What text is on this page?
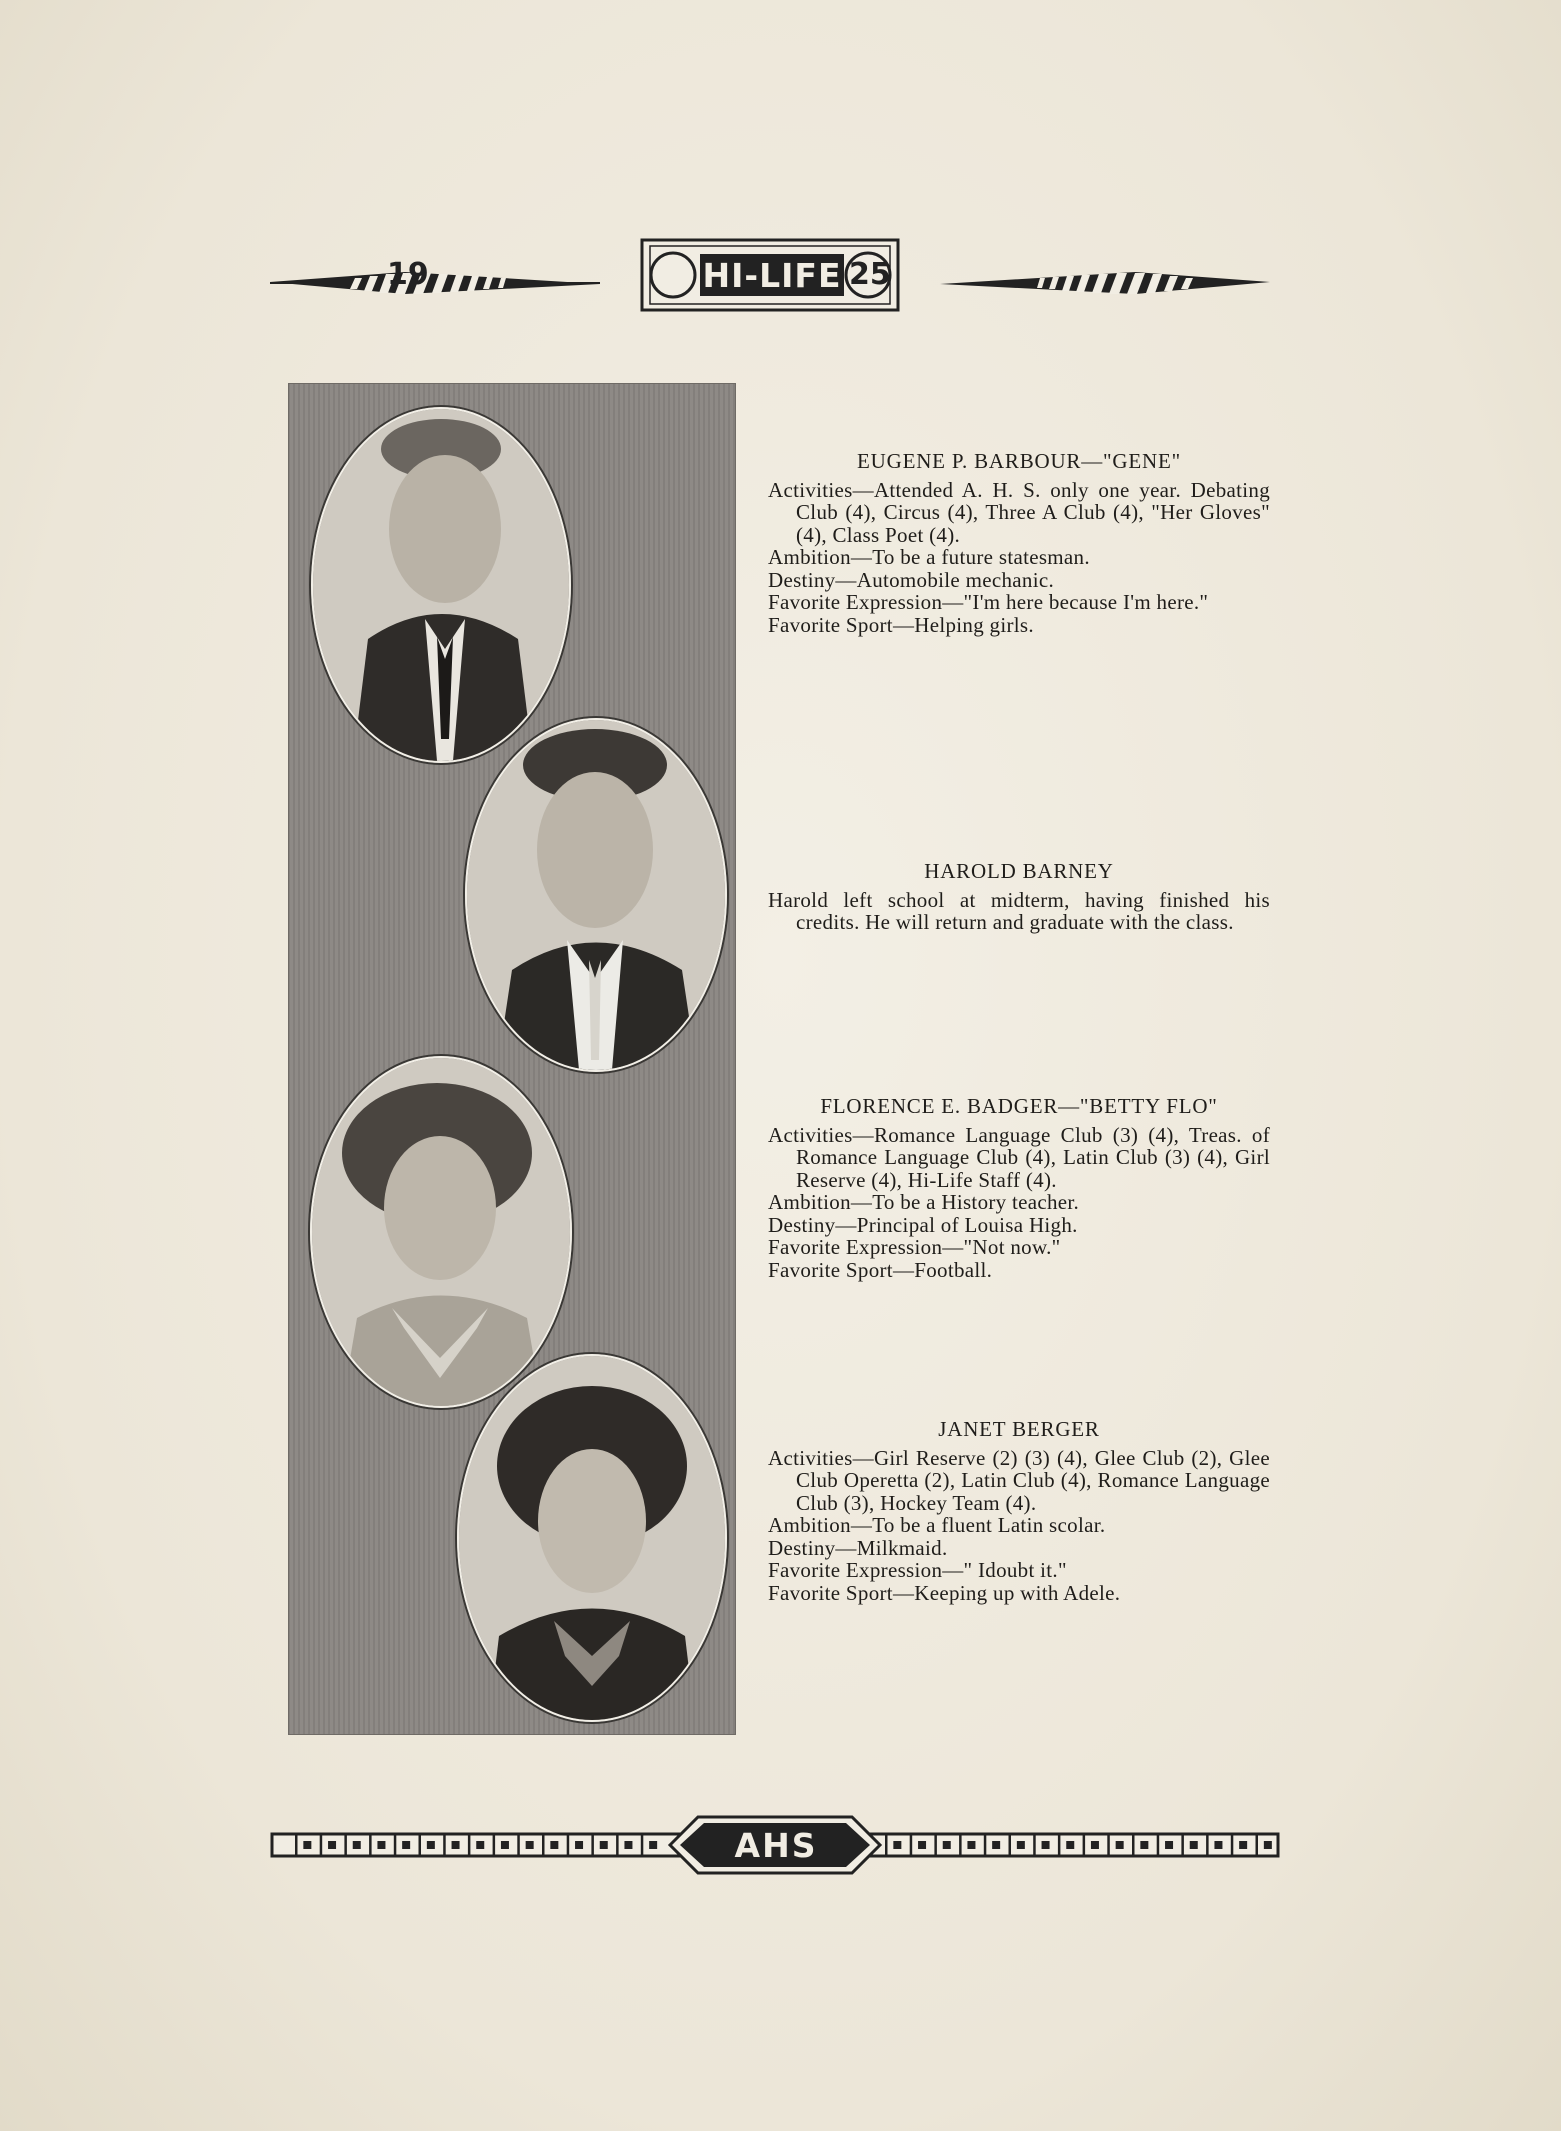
19	HI-LIFE 25
EUGENE P. BARBOUR—"GENE"
Activities—Attended A. H. S. only one year. Debating Club (4), Circus (4), Three A Club (4), "Her Gloves" (4), Class Poet (4).
Ambition—To be a future statesman.
Destiny—Automobile mechanic.
Favorite Expression—"I'm here because I'm here."
Favorite Sport—Helping girls.
HAROLD BARNEY
Harold left school at midterm, having finished his credits. He will return and graduate with the class.
FLORENCE E. BADGER—"BETTY FLO"
Activities—Romance Language Club (3) (4), Treas. of Romance Language Club (4), Latin Club (3) (4), Girl Reserve (4), Hi-Life Staff (4).
Ambition—To be a History teacher.
Destiny—Principal of Louisa High.
Favorite Expression—"Not now."
Favorite Sport—Football.
JANET BERGER
Activities—Girl Reserve (2) (3) (4), Glee Club (2), Glee Club Operetta (2), Latin Club (4), Romance Language Club (3), Hockey Team (4).
Ambition—To be a fluent Latin scolar.
Destiny—Milkmaid.
Favorite Expression—" Idoubt it."
Favorite Sport—Keeping up with Adele.
AHS
